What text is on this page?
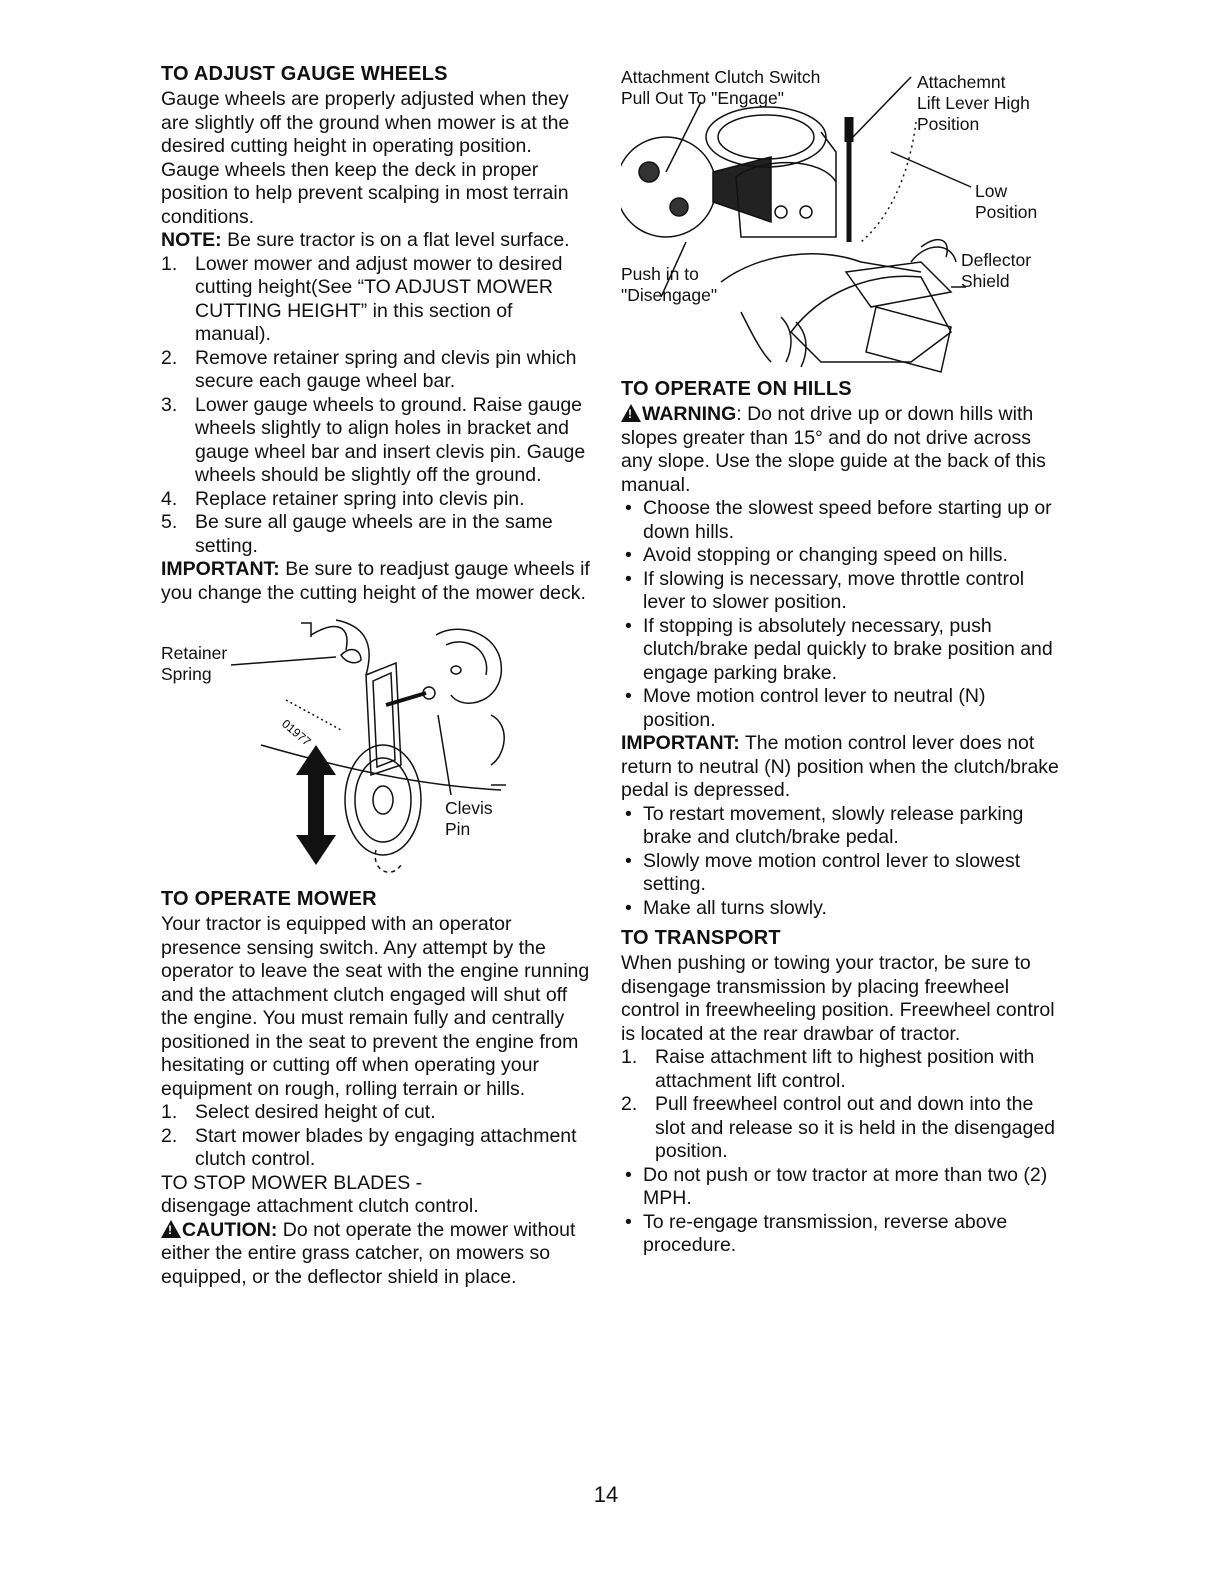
TO ADJUST GAUGE WHEELS

Gauge wheels are properly adjusted when they are slightly off the ground when mower is at the desired cutting height in operating position. Gauge wheels then keep the deck in proper position to help prevent scalping in most terrain conditions.

NOTE: Be sure tractor is on a flat level surface.

1. Lower mower and adjust mower to desired cutting height(See “TO ADJUST MOWER CUTTING HEIGHT” in this section of manual).
2. Remove retainer spring and clevis pin which secure each gauge wheel bar.
3. Lower gauge wheels to ground. Raise gauge wheels slightly to align holes in bracket and gauge wheel bar and insert clevis pin. Gauge wheels should be slightly off the ground.
4. Replace retainer spring into clevis pin.
5. Be sure all gauge wheels are in the same setting.

IMPORTANT: Be sure to readjust gauge wheels if you change the cutting height of the mower deck.

01977
Retainer
Spring
Clevis
Pin
TO OPERATE MOWER

Your tractor is equipped with an operator presence sensing switch. Any attempt by the operator to leave the seat with the engine running and the attachment clutch engaged will shut off the engine. You must remain fully and centrally positioned in the seat to prevent the engine from hesitating or cutting off when operating your equipment on rough, rolling terrain or hills.

1. Select desired height of cut.
2. Start mower blades by engaging attachment clutch control.

TO STOP MOWER BLADES -

disengage attachment clutch control.

!CAUTION: Do not operate the mower without either the entire grass catcher, on mowers so equipped, or the deflector shield in place.

Attachment Clutch Switch
Pull Out To "Engage"
Attachemnt
Lift Lever High
Position
Low
Position
Push in to
"Disengage"
Deflector
Shield
TO OPERATE ON HILLS

!WARNING: Do not drive up or down hills with slopes greater than 15° and do not drive across any slope. Use the slope guide at the back of this manual.

• Choose the slowest speed before starting up or down hills.
• Avoid stopping or changing speed on hills.
• If slowing is necessary, move throttle control lever to slower position.
• If stopping is absolutely necessary, push clutch/brake pedal quickly to brake position and engage parking brake.
• Move motion control lever to neutral (N) position.

IMPORTANT: The motion control lever does not return to neutral (N) position when the clutch/brake pedal is depressed.

• To restart movement, slowly release parking brake and clutch/brake pedal.
• Slowly move motion control lever to slowest setting.
• Make all turns slowly.
TO TRANSPORT

When pushing or towing your tractor, be sure to disengage transmission by placing freewheel control in freewheeling position. Freewheel control is located at the rear drawbar of tractor.

1. Raise attachment lift to highest position with attachment lift control.
2. Pull freewheel control out and down into the slot and release so it is held in the disengaged position.
• Do not push or tow tractor at more than two (2) MPH.
• To re-engage transmission, reverse above procedure.
14
